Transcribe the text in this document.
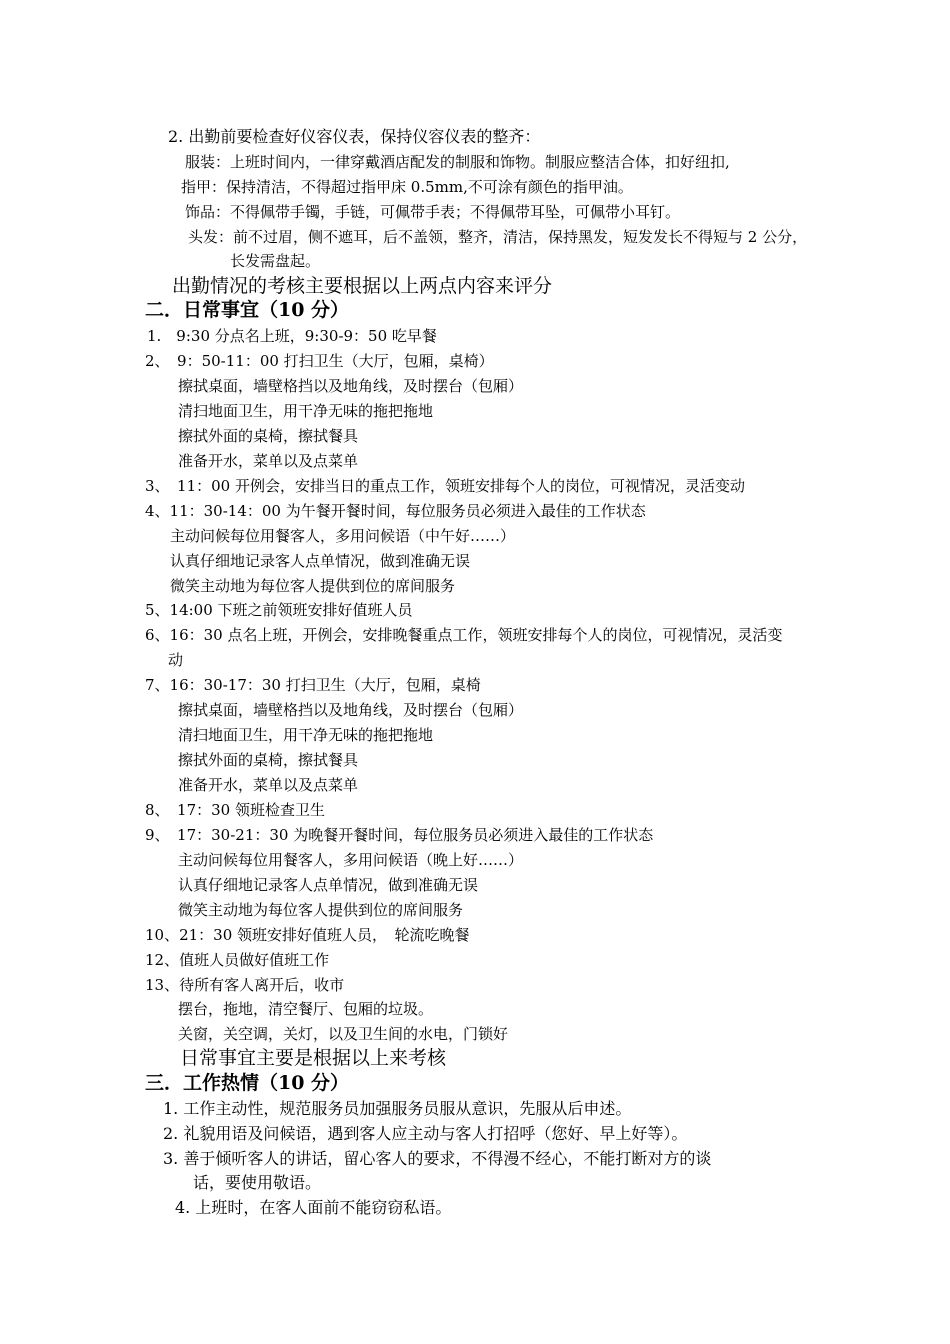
2. 出勤前要检查好仪容仪表，保持仪容仪表的整齐：
服装：上班时间内，一律穿戴酒店配发的制服和饰物。制服应整洁合体，扣好纽扣,
指甲：保持清洁，不得超过指甲床 0.5mm,不可涂有颜色的指甲油。
饰品：不得佩带手镯，手链，可佩带手表；不得佩带耳坠，可佩带小耳钉。
头发：前不过眉，侧不遮耳，后不盖领，整齐，清洁，保持黑发，短发发长不得短与 2 公分，
长发需盘起。
出勤情况的考核主要根据以上两点内容来评分
二．日常事宜（10 分）
1.　9:30 分点名上班，9:30-9：50 吃早餐
2、　9：50-11：00 打扫卫生（大厅，包厢，桌椅）
擦拭桌面，墙壁格挡以及地角线，及时摆台（包厢）
清扫地面卫生，用干净无味的拖把拖地
擦拭外面的桌椅，擦拭餐具
准备开水，菜单以及点菜单
3、　11：00 开例会，安排当日的重点工作，领班安排每个人的岗位，可视情况，灵活变动
4、11：30-14：00 为午餐开餐时间，每位服务员必须进入最佳的工作状态
主动问候每位用餐客人，多用问候语（中午好……）
认真仔细地记录客人点单情况，做到准确无误
微笑主动地为每位客人提供到位的席间服务
5、14:00 下班之前领班安排好值班人员
6、16：30 点名上班，开例会，安排晚餐重点工作，领班安排每个人的岗位，可视情况，灵活变
动
7、16：30-17：30 打扫卫生（大厅，包厢，桌椅
擦拭桌面，墙壁格挡以及地角线，及时摆台（包厢）
清扫地面卫生，用干净无味的拖把拖地
擦拭外面的桌椅，擦拭餐具
准备开水，菜单以及点菜单
8、　17：30 领班检查卫生
9、　17：30-21：30 为晚餐开餐时间，每位服务员必须进入最佳的工作状态
主动问候每位用餐客人，多用问候语（晚上好……）
认真仔细地记录客人点单情况，做到准确无误
微笑主动地为每位客人提供到位的席间服务
10、21：30 领班安排好值班人员，　轮流吃晚餐
12、值班人员做好值班工作
13、待所有客人离开后，收市
摆台，拖地，清空餐厅、包厢的垃圾。
关窗，关空调，关灯，以及卫生间的水电，门锁好
日常事宜主要是根据以上来考核
三．工作热情（10 分）
1. 工作主动性，规范服务员加强服务员服从意识，先服从后申述。
2. 礼貌用语及问候语，遇到客人应主动与客人打招呼（您好、早上好等）。
3. 善于倾听客人的讲话，留心客人的要求，不得漫不经心，不能打断对方的谈
话，要使用敬语。
4. 上班时，在客人面前不能窃窃私语。
